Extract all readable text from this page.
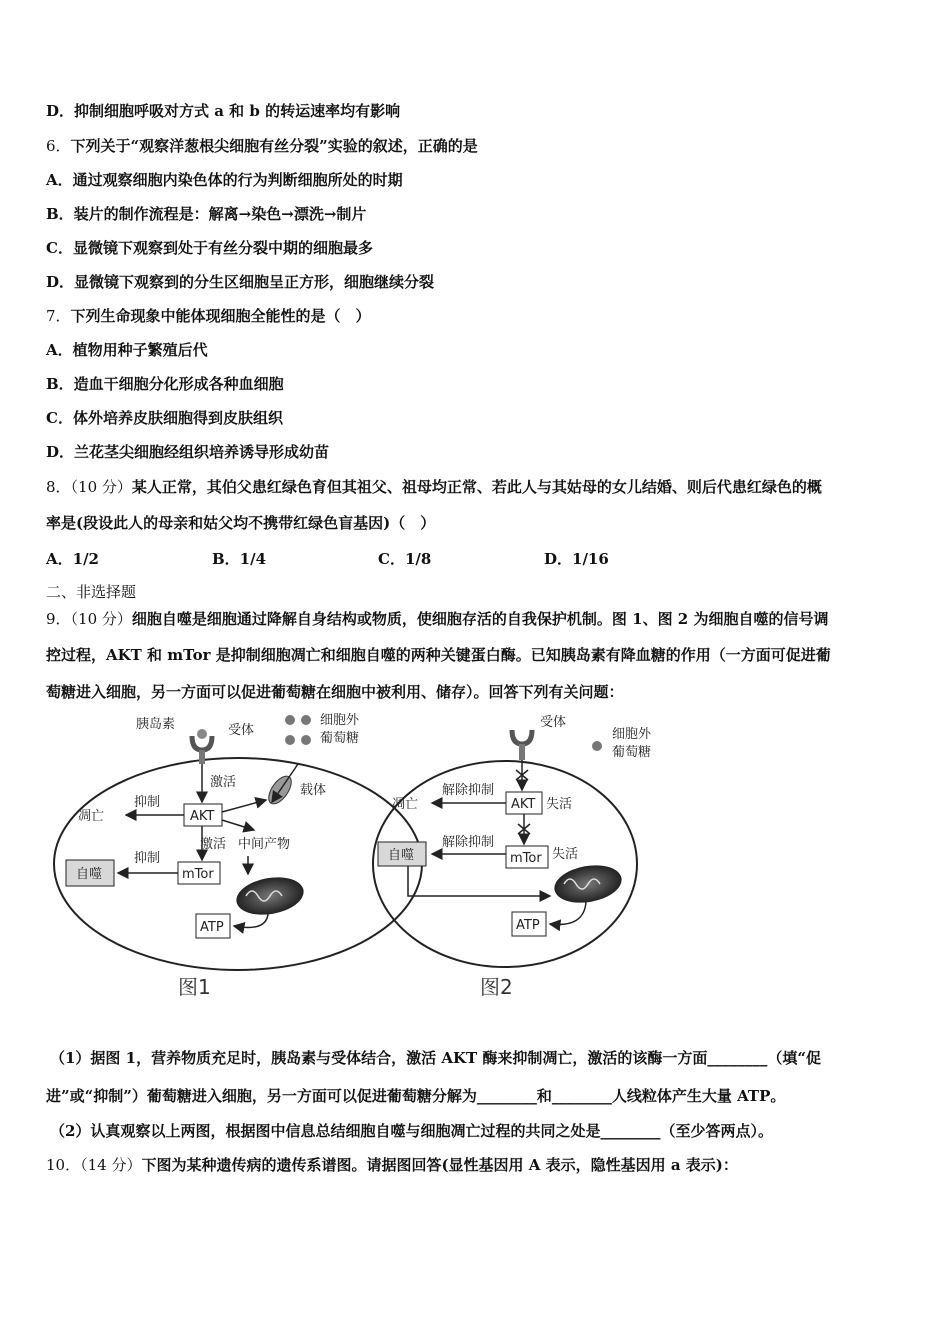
D．抑制细胞呼吸对方式 a 和 b 的转运速率均有影响
6．下列关于“观察洋葱根尖细胞有丝分裂”实验的叙述，正确的是
A．通过观察细胞内染色体的行为判断细胞所处的时期
B．装片的制作流程是：解离→染色→漂洗→制片
C．显微镜下观察到处于有丝分裂中期的细胞最多
D．显微镜下观察到的分生区细胞呈正方形，细胞继续分裂
7．下列生命现象中能体现细胞全能性的是（　）
A．植物用种子繁殖后代
B．造血干细胞分化形成各种血细胞
C．体外培养皮肤细胞得到皮肤组织
D．兰花茎尖细胞经组织培养诱导形成幼苗
8．（10 分）某人正常，其伯父患红绿色育但其祖父、祖母均正常、若此人与其姑母的女儿结婚、则后代患红绿色的概
率是(段设此人的母亲和姑父均不携带红绿色盲基因)（　）
A．1/2	B．1/4	C．1/8	D．1/16
二、非选择题
9．（10 分）细胞自噬是细胞通过降解自身结构或物质，使细胞存活的自我保护机制。图 1、图 2 为细胞自噬的信号调
控过程，AKT 和 mTor 是抑制细胞凋亡和细胞自噬的两种关键蛋白酶。已知胰岛素有降血糖的作用（一方面可促进葡
萄糖进入细胞，另一方面可以促进葡萄糖在细胞中被利用、储存）。回答下列有关问题：
胰岛素	受体
细胞外
葡萄糖
载体
激活
AKT
抑制
凋亡
激活 中间产物
mTor
抑制
自噬
ATP
图1
受体
细胞外
葡萄糖
AKT 失活
解除抑制
凋亡
mTor 失活
解除抑制
自噬
ATP
图2
（1）据图 1，营养物质充足时，胰岛素与受体结合，激活 AKT 酶来抑制凋亡，激活的该酶一方面________（填“促
进”或“抑制”）葡萄糖进入细胞，另一方面可以促进葡萄糖分解为________和________人线粒体产生大量 ATP。
（2）认真观察以上两图，根据图中信息总结细胞自噬与细胞凋亡过程的共同之处是________（至少答两点）。
10．（14 分）下图为某种遗传病的遗传系谱图。请据图回答(显性基因用 A 表示，隐性基因用 a 表示)：
